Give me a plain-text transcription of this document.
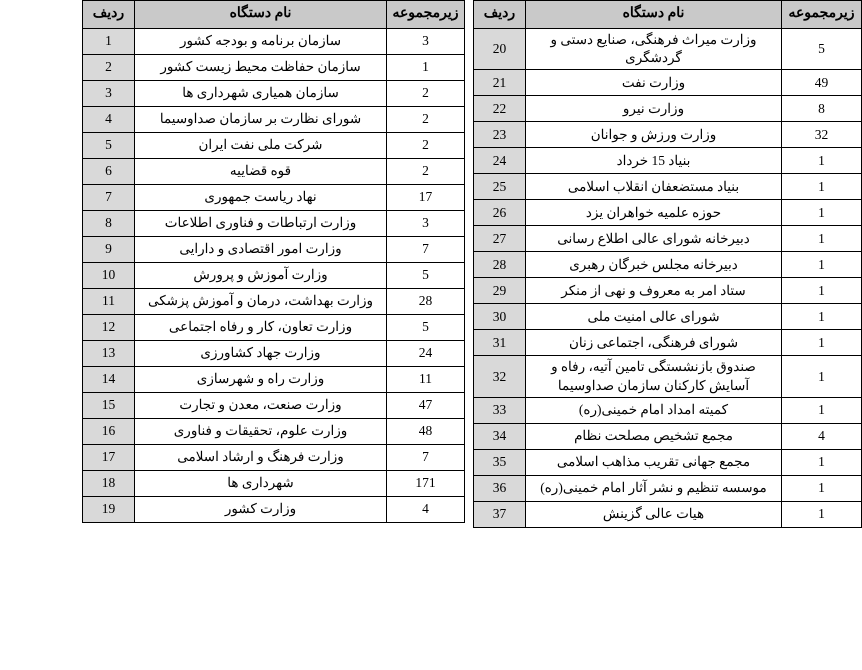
زیرمجموعه	نام دستگاه	ردیف
5	وزارت میراث فرهنگی، صنایع دستی و گردشگری	20
49	وزارت نفت	21
8	وزارت نیرو	22
32	وزارت ورزش و جوانان	23
1	بنیاد 15 خرداد	24
1	بنیاد مستضعفان انقلاب اسلامی	25
1	حوزه علمیه خواهران یزد	26
1	دبیرخانه شورای عالی اطلاع رسانی	27
1	دبیرخانه مجلس خبرگان رهبری	28
1	ستاد امر به معروف و نهی از منکر	29
1	شورای عالی امنیت ملی	30
1	شورای فرهنگی، اجتماعی زنان	31
1	صندوق بازنشستگی تامین آتیه، رفاه و آسایش کارکنان سازمان صداوسیما	32
1	کمیته امداد امام خمینی(ره)	33
4	مجمع تشخیص مصلحت نظام	34
1	مجمع جهانی تقریب مذاهب اسلامی	35
1	موسسه تنظیم و نشر آثار امام خمینی(ره)	36
1	هیات عالی گزینش	37
زیرمجموعه	نام دستگاه	ردیف
3	سازمان برنامه و بودجه کشور	1
1	سازمان حفاظت محیط زیست کشور	2
2	سازمان همیاری شهرداری ها	3
2	شورای نظارت بر سازمان صداوسیما	4
2	شرکت ملی نفت ایران	5
2	قوه قضاییه	6
17	نهاد ریاست جمهوری	7
3	وزارت ارتباطات و فناوری اطلاعات	8
7	وزارت امور اقتصادی و دارایی	9
5	وزارت آموزش و پرورش	10
28	وزارت بهداشت، درمان و آموزش پزشکی	11
5	وزارت تعاون، کار و رفاه اجتماعی	12
24	وزارت جهاد کشاورزی	13
11	وزارت راه و شهرسازی	14
47	وزارت صنعت، معدن و تجارت	15
48	وزارت علوم، تحقیقات و فناوری	16
7	وزارت فرهنگ و ارشاد اسلامی	17
171	شهرداری ها	18
4	وزارت کشور	19
